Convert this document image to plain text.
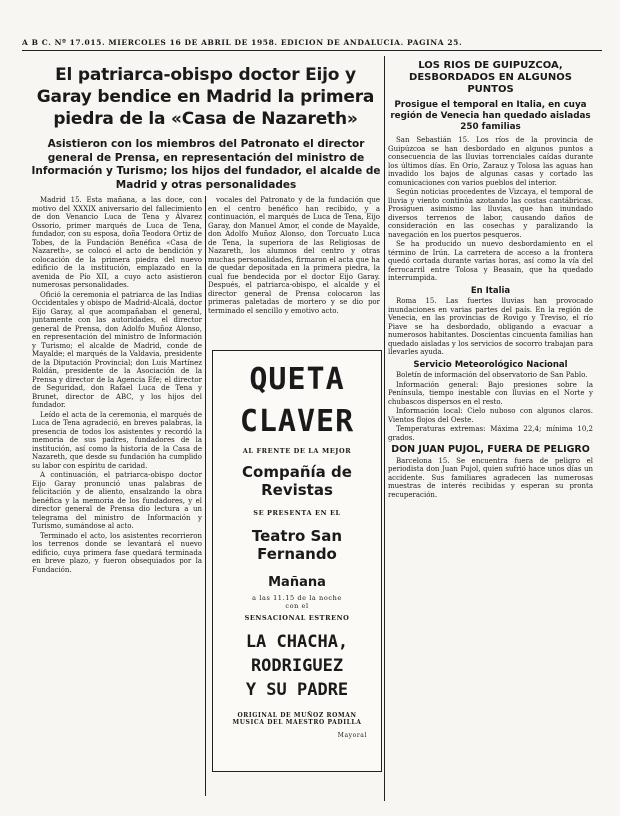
A B C. Nº 17.015. MIERCOLES 16 DE ABRIL DE 1958. EDICION DE ANDALUCIA. PAGINA 25.
El patriarca-obispo doctor Eijo y Garay bendice en Madrid la primera piedra de la «Casa de Nazareth»
Asistieron con los miembros del Patronato el director general de Prensa, en representación del ministro de Información y Turismo; los hijos del fundador, el alcalde de Madrid y otras personalidades

Madrid 15. Esta mañana, a las doce, con motivo del XXXIX aniversario del fallecimiento de don Venancio Luca de Tena y Álvarez Ossorio, primer marqués de Luca de Tena, fundador, con su esposa, doña Teodora Ortiz de Tobes, de la Fundación Benéfica «Casa de Nazareth», se colocó el acto de bendición y colocación de la primera piedra del nuevo edificio de la institución, emplazado en la avenida de Pío XII, a cuyo acto asistieron numerosas personalidades.

Ofició la ceremonia el patriarca de las Indias Occidentales y obispo de Madrid-Alcalá, doctor Eijo Garay, al que acompañaban el general, juntamente con las autoridades, el director general de Prensa, don Adolfo Muñoz Alonso, en representación del ministro de Información y Turismo; el alcalde de Madrid, conde de Mayalde; el marqués de la Valdavia, presidente de la Diputación Provincial; don Luis Martínez Roldán, presidente de la Asociación de la Prensa y director de la Agencia Efe; el director de Seguridad, don Rafael Luca de Tena y Brunet, director de ABC, y los hijos del fundador.

Leído el acta de la ceremonia, el marqués de Luca de Tena agradeció, en breves palabras, la presencia de todos los asistentes y recordó la memoria de sus padres, fundadores de la institución, así como la historia de la Casa de Nazareth, que desde su fundación ha cumplido su labor con espíritu de caridad.

A continuación, el patriarca-obispo doctor Eijo Garay pronunció unas palabras de felicitación y de aliento, ensalzando la obra benéfica y la memoria de los fundadores, y el director general de Prensa dio lectura a un telegrama del ministro de Información y Turismo, sumándose al acto.

Terminado el acto, los asistentes recorrieron los terrenos donde se levantará el nuevo edificio, cuya primera fase quedará terminada en breve plazo, y fueron obsequiados por la Fundación.

vocales del Patronato y de la fundación que en el centro benéfico han recibido, y a continuación, el marqués de Luca de Tena, Eijo Garay, don Manuel Amor, el conde de Mayalde, don Adolfo Muñoz Alonso, don Torcuato Luca de Tena, la superiora de las Religiosas de Nazareth, los alumnos del centro y otras muchas personalidades, firmaron el acta que ha de quedar depositada en la primera piedra, la cual fue bendecida por el doctor Eijo Garay. Después, el patriarca-obispo, el alcalde y el director general de Prensa colocaron las primeras paletadas de mortero y se dio por terminado el sencillo y emotivo acto.

QUETA
CLAVER
AL FRENTE DE LA MEJOR
Compañía de Revistas
SE PRESENTA EN EL
Teatro San Fernando
Mañana
a las 11.15 de la noche
con el
SENSACIONAL ESTRENO
LA CHACHA,
RODRIGUEZ
Y SU PADRE
ORIGINAL DE MUÑOZ ROMAN
MUSICA DEL MAESTRO PADILLA
Mayoral
LOS RIOS DE GUIPUZCOA, DESBORDADOS EN ALGUNOS PUNTOS
Prosigue el temporal en Italia, en cuya región de Venecia han quedado aisladas 250 familias

San Sebastián 15. Los ríos de la provincia de Guipúzcoa se han desbordado en algunos puntos a consecuencia de las lluvias torrenciales caídas durante los últimos días. En Orio, Zarauz y Tolosa las aguas han invadido los bajos de algunas casas y cortado las comunicaciones con varios pueblos del interior.

Según noticias procedentes de Vizcaya, el temporal de lluvia y viento continúa azotando las costas cantábricas. Prosiguen asimismo las lluvias, que han inundado diversos terrenos de labor, causando daños de consideración en las cosechas y paralizando la navegación en los puertos pesqueros.

Se ha producido un nuevo desbordamiento en el término de Irún. La carretera de acceso a la frontera quedó cortada durante varias horas, así como la vía del ferrocarril entre Tolosa y Beasain, que ha quedado interrumpida.

En Italia

Roma 15. Las fuertes lluvias han provocado inundaciones en varias partes del país. En la región de Venecia, en las provincias de Rovigo y Treviso, el río Piave se ha desbordado, obligando a evacuar a numerosos habitantes. Doscientas cincuenta familias han quedado aisladas y los servicios de socorro trabajan para llevarles ayuda.

Servicio Meteorológico Nacional

Boletín de información del observatorio de San Pablo.

Información general: Bajo presiones sobre la Península, tiempo inestable con lluvias en el Norte y chubascos dispersos en el resto.

Información local: Cielo nuboso con algunos claros. Vientos flojos del Oeste.

Temperaturas extremas: Máxima 22,4; mínima 10,2 grados.

DON JUAN PUJOL, FUERA DE PELIGRO

Barcelona 15. Se encuentra fuera de peligro el periodista don Juan Pujol, quien sufrió hace unos días un accidente. Sus familiares agradecen las numerosas muestras de interés recibidas y esperan su pronta recuperación.
